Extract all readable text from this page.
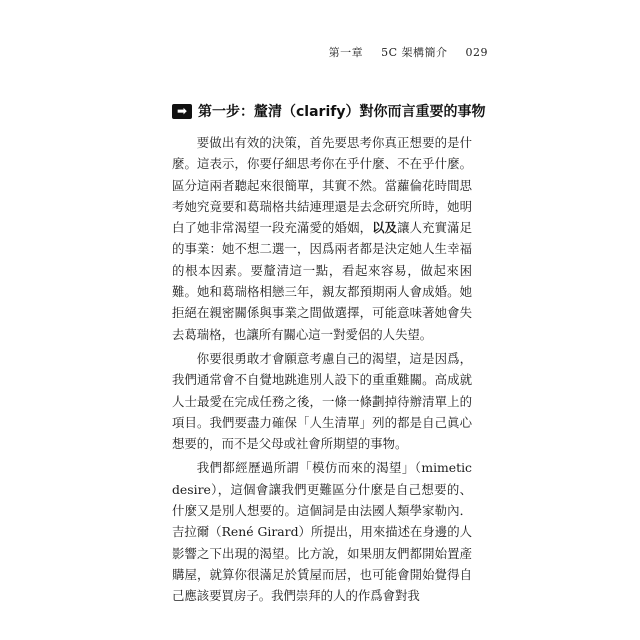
第一章 5C 架構簡介 029
➡ 第一步：釐清（clarify）對你而言重要的事物

要做出有效的決策，首先要思考你真正想要的是什麼。這表示，你要仔細思考你在乎什麼、不在乎什麼。區分這兩者聽起來很簡單，其實不然。當蘿倫花時間思考她究竟要和葛瑞格共結連理還是去念研究所時，她明白了她非常渴望一段充滿愛的婚姻，以及讓人充實滿足的事業：她不想二選一，因爲兩者都是決定她人生幸福的根本因素。要釐清這一點，看起來容易，做起來困難。她和葛瑞格相戀三年，親友都預期兩人會成婚。她拒絕在親密關係與事業之間做選擇，可能意味著她會失去葛瑞格，也讓所有關心這一對愛侶的人失望。

你要很勇敢才會願意考慮自己的渴望，這是因爲，我們通常會不自覺地跳進別人設下的重重難關。高成就人士最愛在完成任務之後，一條一條劃掉待辦清單上的項目。我們要盡力確保「人生清單」列的都是自己眞心想要的，而不是父母或社會所期望的事物。

我們都經歷過所謂「模仿而來的渴望」（mimetic desire），這個會讓我們更難區分什麼是自己想要的、什麼又是別人想要的。這個詞是由法國人類學家勒內．吉拉爾（René Girard）所提出，用來描述在身邊的人影響之下出現的渴望。比方說，如果朋友們都開始置產購屋，就算你很滿足於賃屋而居，也可能會開始覺得自己應該要買房子。我們崇拜的人的作爲會對我
